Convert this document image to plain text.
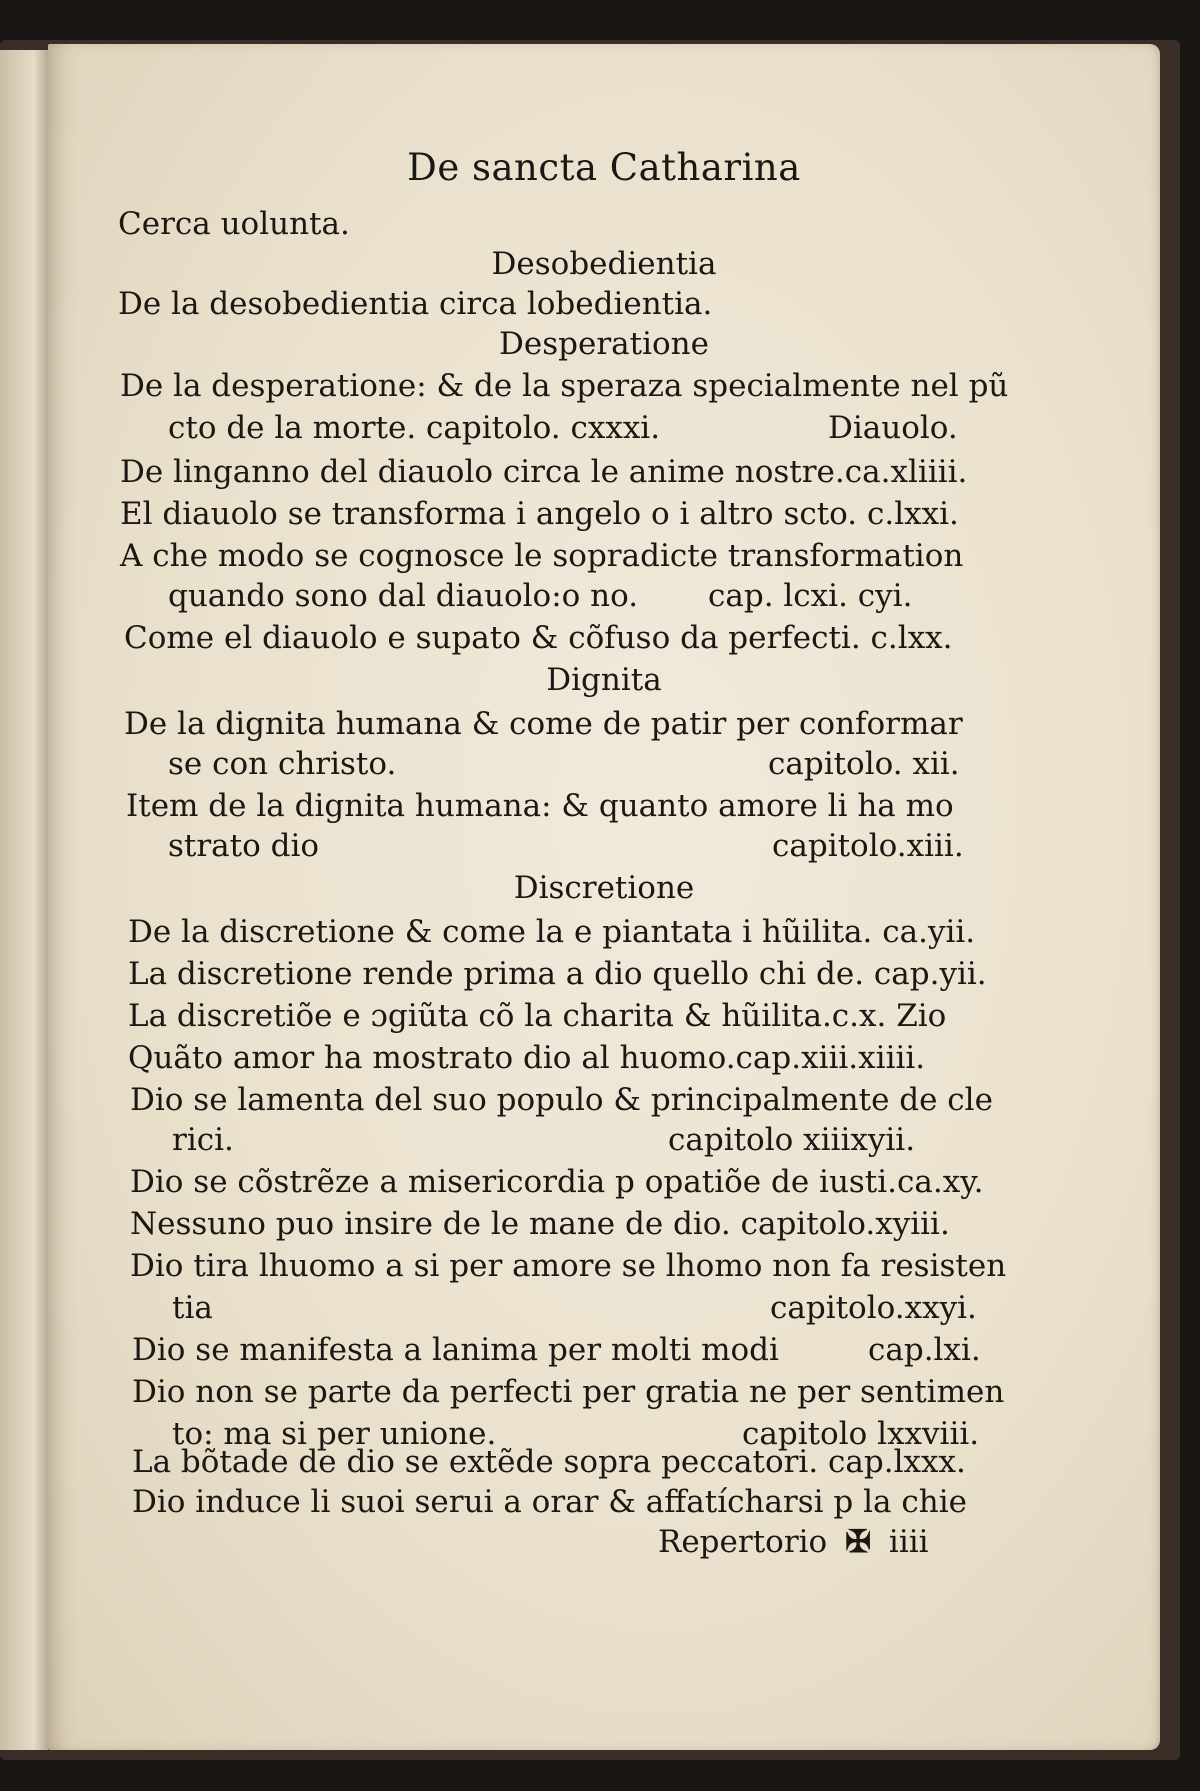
De sancta Catharina
Cerca uolunta.
Desobedientia
De la desobedientia circa lobedientia.
Desperatione
De la desperatione: & de la speraza specialmente nel pũ
cto de la morte. capitolo. cxxxi.	Diauolo.
De linganno del diauolo circa le anime nostre.ca.xliiii.
El diauolo se transforma i angelo o i altro scto. c.lxxi.
A che modo se cognosce le sopradicte transformation
quando sono dal diauolo:o no. cap. lcxi. cyi.
Come el diauolo e supato & cõfuso da perfecti. c.lxx.
Dignita
De la dignita humana & come de patir per conformar
se con christo.	capitolo. xii.
Item de la dignita humana: & quanto amore li ha mo
strato dio	capitolo.xiii.
Discretione
De la discretione & come la e piantata i hũilita. ca.yii.
La discretione rende prima a dio quello chi de. cap.yii.
La discretiõe e ɔgiũta cõ la charita & hũilita.c.x. Zio
Quãto amor ha mostrato dio al huomo.cap.xiii.xiiii.
Dio se lamenta del suo populo & principalmente de cle
rici.	capitolo xiiixyii.
Dio se cõstrẽze a misericordia p opatiõe de iusti.ca.xy.
Nessuno puo insire de le mane de dio. capitolo.xyiii.
Dio tira lhuomo a si per amore se lhomo non fa resisten
tia	capitolo.xxyi.
Dio se manifesta a lanima per molti modi	cap.lxi.
Dio non se parte da perfecti per gratia ne per sentimen
to: ma si per unione.	capitolo lxxviii.
La bõtade de dio se extẽde sopra peccatori. cap.lxxx.
Dio induce li suoi serui a orar & affatícharsi p la chie
Repertorio ✠ iiii
